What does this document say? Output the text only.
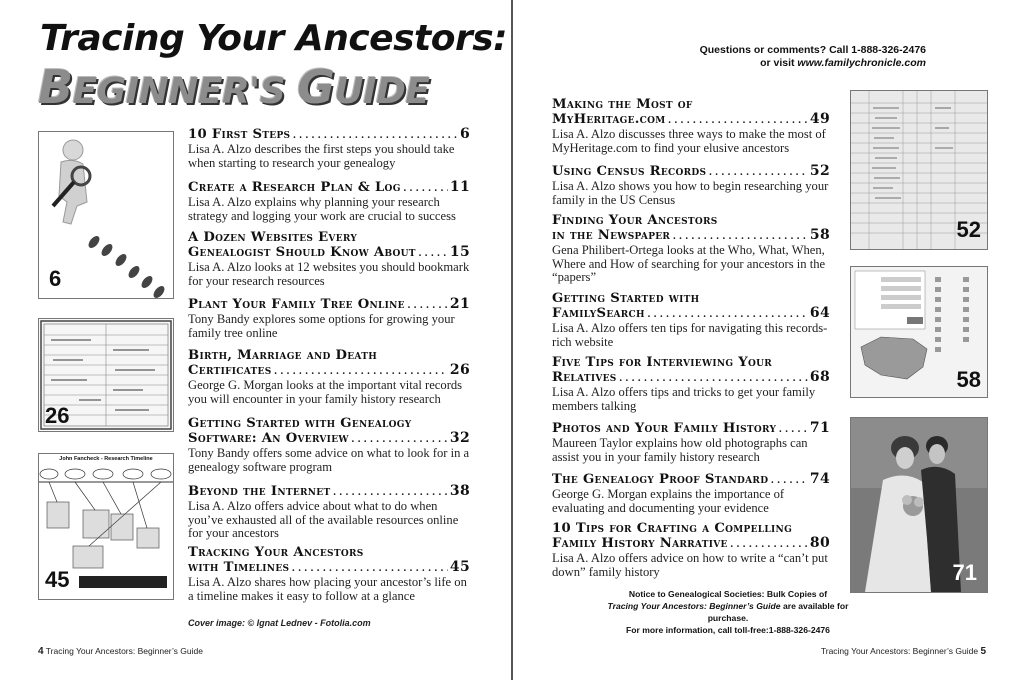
Tracing Your Ancestors:
BEGINNER'S GUIDE
6
26
John Fancheck - Research Timeline
45
10 First Steps .....	6
Lisa A. Alzo describes the first steps you should take when starting to research your genealogy
Create a Research Plan & Log .....	11
Lisa A. Alzo explains why planning your research strategy and logging your work are crucial to success
A Dozen Websites Every
Genealogist Should Know About ..... 15
Lisa A. Alzo looks at 12 websites you should bookmark for your research resources
Plant Your Family Tree Online .....	21
Tony Bandy explores some options for growing your family tree online
Birth, Marriage and Death
Certificates .....	26
George G. Morgan looks at the important vital records you will encounter in your family history research
Getting Started with Genealogy
Software: An Overview .....	32
Tony Bandy offers some advice on what to look for in a genealogy software program
Beyond the Internet .....	38
Lisa A. Alzo offers advice about what to do when you’ve exhausted all of the available resources online for your ancestors
Tracking Your Ancestors
with Timelines .....	45
Lisa A. Alzo shares how placing your ancestor’s life on a timeline makes it easy to follow at a glance
Cover image: © Ignat Lednev - Fotolia.com
4 Tracing Your Ancestors: Beginner’s Guide
Questions or comments? Call 1-888-326-2476
or visit www.familychronicle.com
Making the Most of
MyHeritage.com .....	49
Lisa A. Alzo discusses three ways to make the most of MyHeritage.com to find your elusive ancestors
Using Census Records .....	52
Lisa A. Alzo shows you how to begin researching your family in the US Census
Finding Your Ancestors
in the Newspaper .....	58
Gena Philibert-Ortega looks at the Who, What, When, Where and How of searching for your ancestors in the “papers”
Getting Started with
FamilySearch .....	64
Lisa A. Alzo offers ten tips for navigating this records-rich website
Five Tips for Interviewing Your
Relatives .....	68
Lisa A. Alzo offers tips and tricks to get your family members talking
Photos and Your Family History ..... 71
Maureen Taylor explains how old photographs can assist you in your family history research
The Genealogy Proof Standard .....	74
George G. Morgan explains the importance of evaluating and documenting your evidence
10 Tips for Crafting a Compelling
Family History Narrative .....	80
Lisa A. Alzo offers advice on how to write a “can’t put down” family history
52
58
71
Notice to Genealogical Societies: Bulk Copies of
Tracing Your Ancestors: Beginner’s Guide are available for purchase.
For more information, call toll-free:1-888-326-2476
Tracing Your Ancestors: Beginner’s Guide 5
